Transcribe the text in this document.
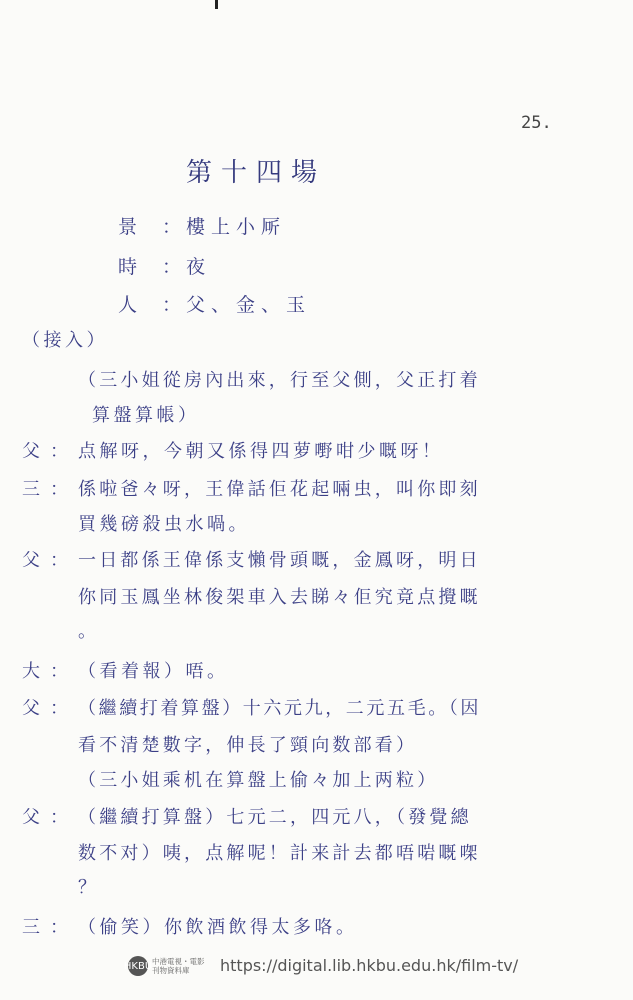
25.
第十四場
景 ：樓上小厛
時 ：夜
人 ：父、金、玉
（接入）
（三小姐從房內出來，行至父側，父正打着
算盤算帳）
父 ： 点解呀，今朝又係得四萝嘢咁少嘅呀！
三 ： 係啦爸々呀，王偉話佢花起啢虫，叫你即刻
買幾磅殺虫水喎。
父 ： 一日都係王偉係支懶骨頭嘅，金鳳呀，明日
你同玉鳳坐林俊架車入去睇々佢究竟点攪嘅
。
大 ： （看着報）唔。
父 ： （繼續打着算盤）十六元九，二元五毛。（因
看不清楚數字，伸長了頸向数部看）
（三小姐乘机在算盤上偷々加上两粒）
父 ： （繼續打算盤）七元二，四元八，（發覺總
数不对）咦，点解呢！計来計去都唔啱嘅㗎
？
三 ： （偷笑）你飲酒飲得太多咯。
HKBU 中港電視・電影
刊物資料庫	https://digital.lib.hkbu.edu.hk/film-tv/
